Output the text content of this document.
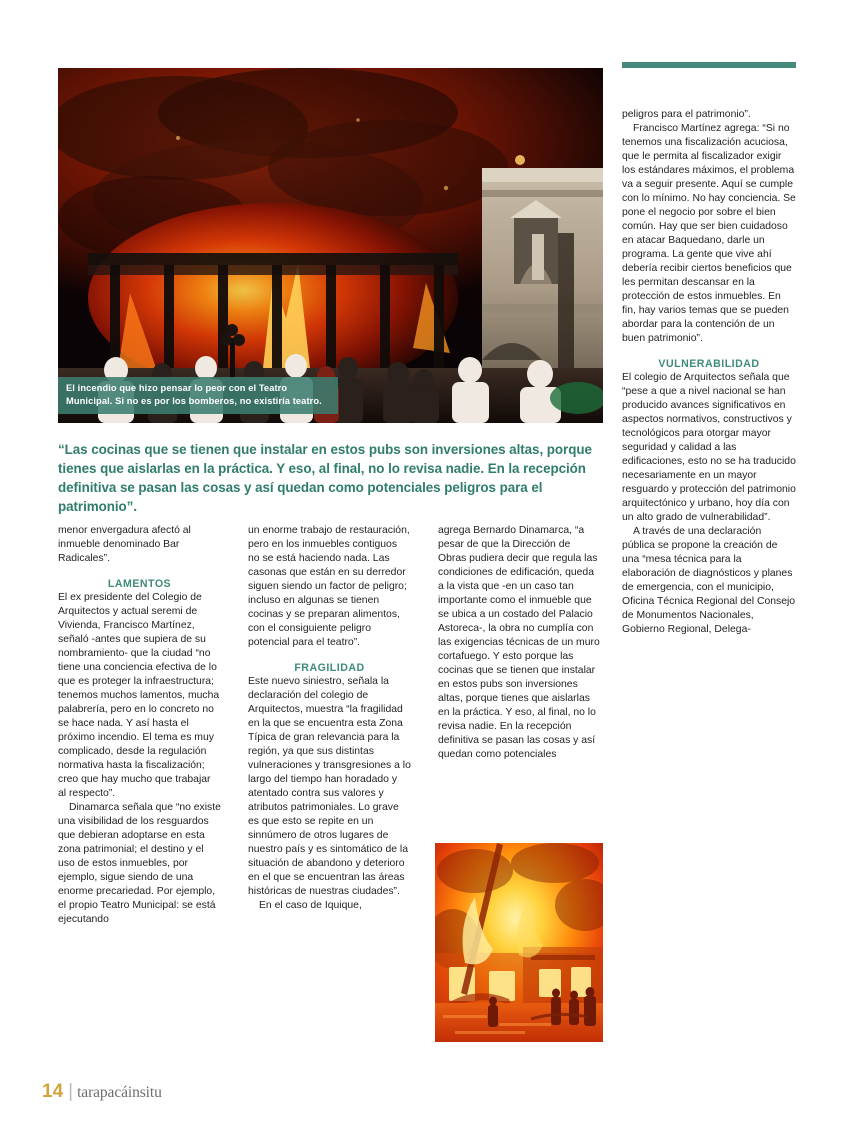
El incendio que hizo pensar lo peor con el Teatro Municipal. Si no es por los bomberos, no existiría teatro.
“Las cocinas que se tienen que instalar en estos pubs son inversiones altas, porque tienes que aislarlas en la práctica. Y eso, al final, no lo revisa nadie. En la recepción definitiva se pasan las cosas y así quedan como potenciales peligros para el patrimonio”.

menor envergadura afectó al inmueble denominado Bar Radicales”.

LAMENTOS

El ex presidente del Colegio de Arquitectos y actual seremi de Vivienda, Francisco Martínez, señaló -antes que supiera de su nombramiento- que la ciudad “no tiene una conciencia efectiva de lo que es proteger la infraestructura; tenemos muchos lamentos, mucha palabrería, pero en lo concreto no se hace nada. Y así hasta el próximo incendio. El tema es muy complicado, desde la regulación normativa hasta la fiscalización; creo que hay mucho que trabajar al respecto”.

Dinamarca señala que “no existe una visibilidad de los resguardos que debieran adoptarse en esta zona patrimonial; el destino y el uso de estos inmuebles, por ejemplo, sigue siendo de una enorme precariedad. Por ejemplo, el propio Teatro Municipal: se está ejecutando

un enorme trabajo de restauración, pero en los inmuebles contiguos no se está haciendo nada. Las casonas que están en su derredor siguen siendo un factor de peligro; incluso en algunas se tienen cocinas y se preparan alimentos, con el consiguiente peligro potencial para el teatro”.

FRAGILIDAD

Este nuevo siniestro, señala la declaración del colegio de Arquitectos, muestra “la fragilidad en la que se encuentra esta Zona Típica de gran relevancia para la región, ya que sus distintas vulneraciones y transgresiones a lo largo del tiempo han horadado y atentado contra sus valores y atributos patrimoniales. Lo grave es que esto se repite en un sinnúmero de otros lugares de nuestro país y es sintomático de la situación de abandono y deterioro en el que se encuentran las áreas históricas de nuestras ciudades”.

En el caso de Iquique,

agrega Bernardo Dinamarca, “a pesar de que la Dirección de Obras pudiera decir que regula las condiciones de edificación, queda a la vista que -en un caso tan importante como el inmueble que se ubica a un costado del Palacio Astoreca-, la obra no cumplía con las exigencias técnicas de un muro cortafuego. Y esto porque las cocinas que se tienen que instalar en estos pubs son inversiones altas, porque tienes que aislarlas en la práctica. Y eso, al final, no lo revisa nadie. En la recepción definitiva se pasan las cosas y así quedan como potenciales

peligros para el patrimonio”.

Francisco Martínez agrega: “Si no tenemos una fiscalización acuciosa, que le permita al fiscalizador exigir los estándares máximos, el problema va a seguir presente. Aquí se cumple con lo mínimo. No hay conciencia. Se pone el negocio por sobre el bien común. Hay que ser bien cuidadoso en atacar Baquedano, darle un programa. La gente que vive ahí debería recibir ciertos beneficios que les permitan descansar en la protección de estos inmuebles. En fin, hay varios temas que se pueden abordar para la contención de un buen patrimonio”.

VULNERABILIDAD

El colegio de Arquitectos señala que “pese a que a nivel nacional se han producido avances significativos en aspectos normativos, constructivos y tecnológicos para otorgar mayor seguridad y calidad a las edificaciones, esto no se ha traducido necesariamente en un mayor resguardo y protección del patrimonio arquitectónico y urbano, hoy día con un alto grado de vulnerabilidad”.

A través de una declaración pública se propone la creación de una “mesa técnica para la elaboración de diagnósticos y planes de emergencia, con el municipio, Oficina Técnica Regional del Consejo de Monumentos Nacionales, Gobierno Regional, Delega-

14 | tarapacáinsitu
